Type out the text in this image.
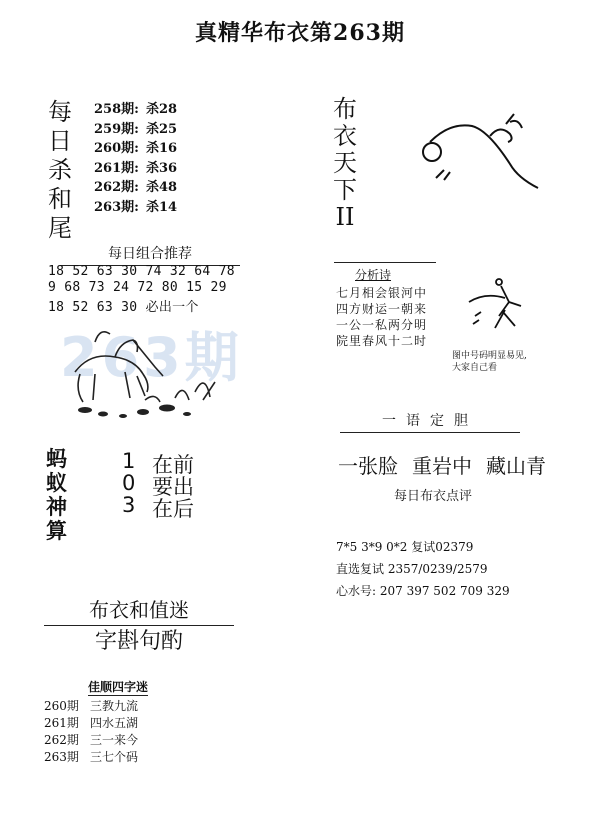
真精华布衣第263期
每
日
杀
和
尾
258期: 杀28
259期: 杀25
260期: 杀16
261期: 杀36
262期: 杀48
263期: 杀14
每日组合推荐
18 52 63 30 74 32 64 78
9 68 73 24 72 80 15 29
18 52 63 30 必出一个
263期
蚂
蚁
神
算
1 在前
0 要出
3 在后
布衣和值迷
字斟句酌
佳顺四字迷
260期 三教九流
261期 四水五湖
262期 三一来今
263期 三七个码
布
衣
天
下
II
分析诗
七月相会银河中
四方财运一朝来
一公一私两分明
院里春风十二时
图中号码明显易见,
大家自己看
一语定胆
一张脸 重岩中 藏山青
每日布衣点评
7*5 3*9 0*2 复试02379
直选复试 2357/0239/2579
心水号: 207 397 502 709 329
